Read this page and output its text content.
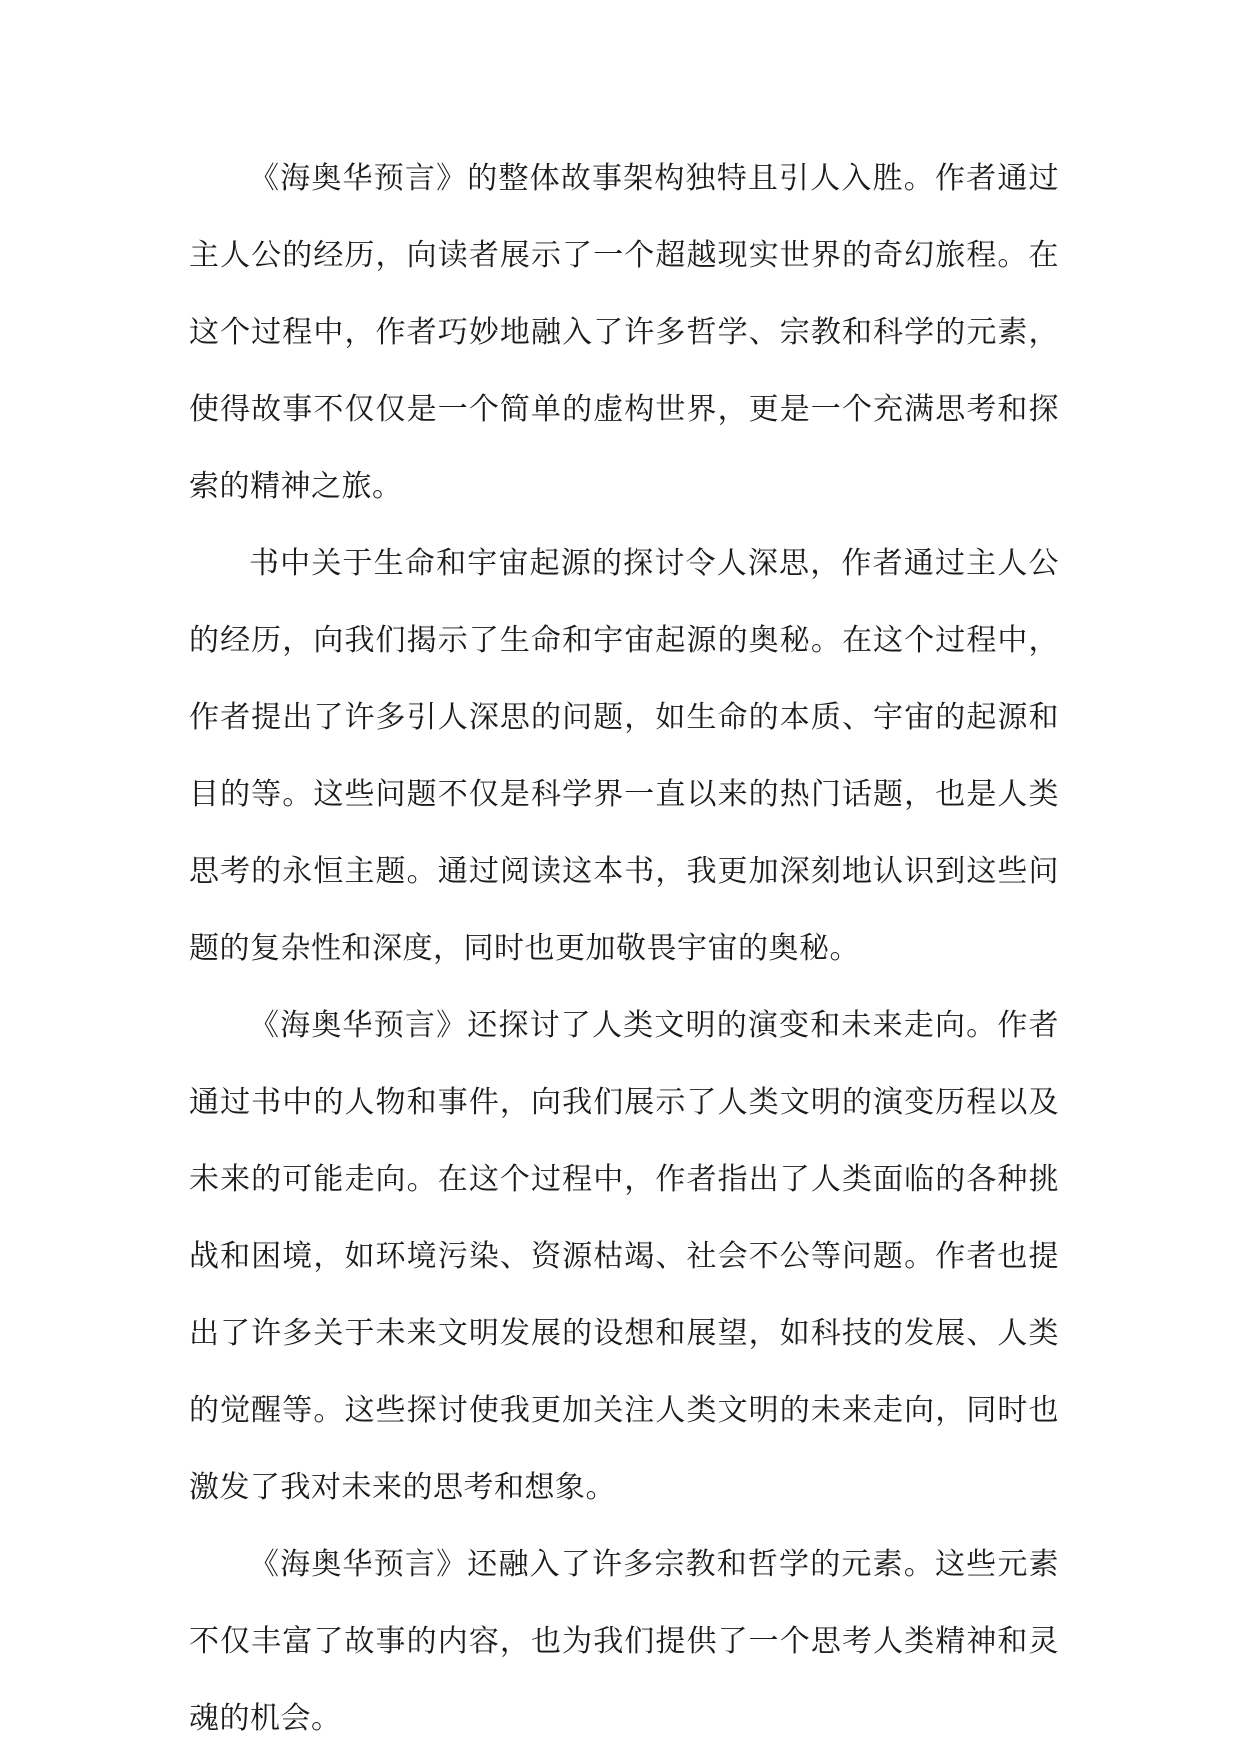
《海奥华预言》的整体故事架构独特且引人入胜。作者通过主人公的经历，向读者展示了一个超越现实世界的奇幻旅程。在这个过程中，作者巧妙地融入了许多哲学、宗教和科学的元素，使得故事不仅仅是一个简单的虚构世界，更是一个充满思考和探索的精神之旅。

书中关于生命和宇宙起源的探讨令人深思，作者通过主人公的经历，向我们揭示了生命和宇宙起源的奥秘。在这个过程中，作者提出了许多引人深思的问题，如生命的本质、宇宙的起源和目的等。这些问题不仅是科学界一直以来的热门话题，也是人类思考的永恒主题。通过阅读这本书，我更加深刻地认识到这些问题的复杂性和深度，同时也更加敬畏宇宙的奥秘。

《海奥华预言》还探讨了人类文明的演变和未来走向。作者通过书中的人物和事件，向我们展示了人类文明的演变历程以及未来的可能走向。在这个过程中，作者指出了人类面临的各种挑战和困境，如环境污染、资源枯竭、社会不公等问题。作者也提出了许多关于未来文明发展的设想和展望，如科技的发展、人类的觉醒等。这些探讨使我更加关注人类文明的未来走向，同时也激发了我对未来的思考和想象。

《海奥华预言》还融入了许多宗教和哲学的元素。这些元素不仅丰富了故事的内容，也为我们提供了一个思考人类精神和灵魂的机会。
